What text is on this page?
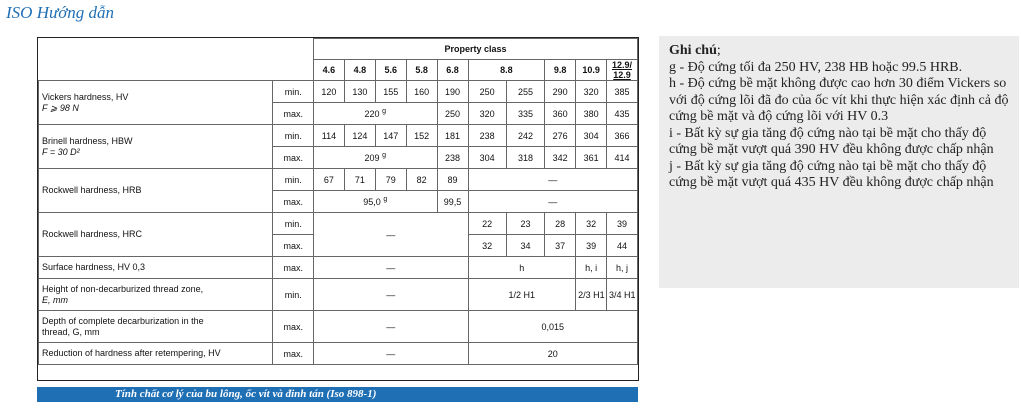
ISO Hướng dẫn
		Property class									
		4.6	4.8	5.6	5.8	6.8	8.8		9.8	10.9	12.9/
12.9
Vickers hardness, HV
F ⩾ 98 N	min.	120	130	155	160	190	250	255	290	320	385
	max.	220 $^g$				250	320	335	360	380	435
Brinell hardness, HBW
F = 30 D²	min.	114	124	147	152	181	238	242	276	304	366
	max.	209 $^g$				238	304	318	342	361	414
Rockwell hardness, HRB	min.	67	71	79	82	89	—				
	max.	95,0 $^g$				99,5	—				
Rockwell hardness, HRC	min.	—					22	23	28	32	39
	max.						32	34	37	39	44
Surface hardness, HV 0,3	max.	—					h			h, i	h, j
Height of non-decarburized thread zone,
E, mm	min.	—					1/2 H1			2/3 H1	3/4 H1
Depth of complete decarburization in the
thread, G, mm	max.	—					0,015				
Reduction of hardness after retempering, HV	max.	—					20				
Tính chất cơ lý của bu lông, ốc vít và đinh tán (Iso 898-1)
Ghi chú;
g - Độ cứng tối đa 250 HV, 238 HB hoặc 99.5 HRB.
h - Độ cứng bề mặt không được cao hơn 30 điểm Vickers so với độ cứng lõi đã đo của ốc vít khi thực hiện xác định cả độ cứng bề mặt và độ cứng lõi với HV 0.3
i - Bất kỳ sự gia tăng độ cứng nào tại bề mặt cho thấy độ cứng bề mặt vượt quá 390 HV đều không được chấp nhận
j - Bất kỳ sự gia tăng độ cứng nào tại bề mặt cho thấy độ cứng bề mặt vượt quá 435 HV đều không được chấp nhận
